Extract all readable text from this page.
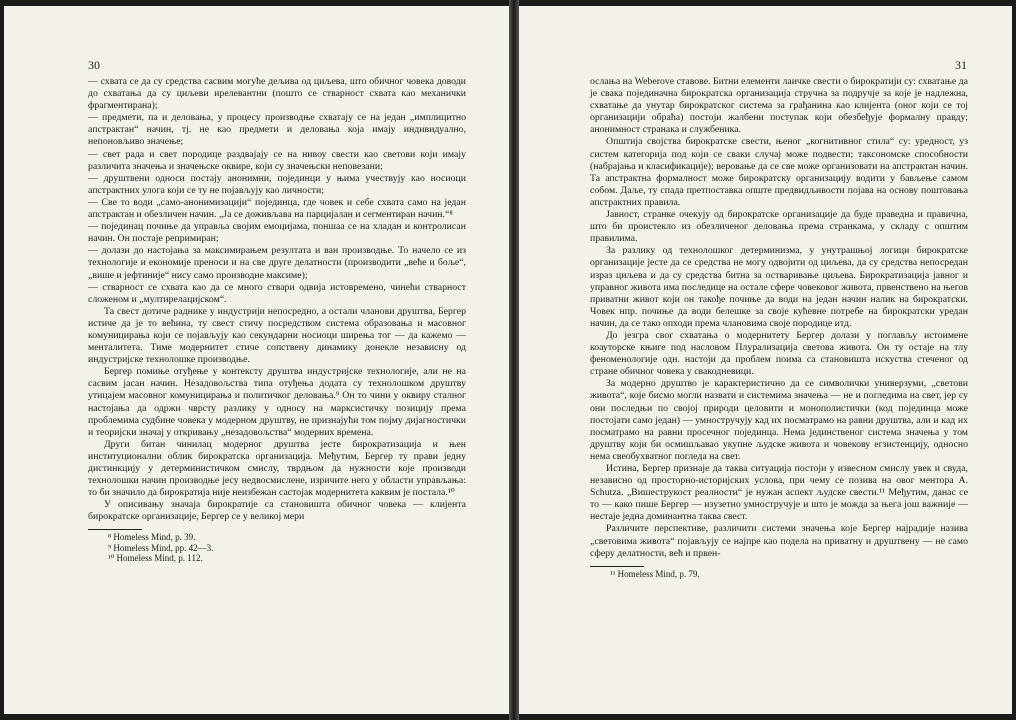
30

— схвата се да су средства сасвим могуће дељива од циљева, што обичног човека доводи до схватања да су циљеви ирелевантни (пошто се стварност схвата као механички фрагментирана);

— предмети, па и деловања, у процесу производње схватају се на један „имплицитно апстрактан“ начин, тј. не као предмети и деловања која имају индивидуално, непоновљиво значење;

— свет рада и свет породице раздвајају се на нивоу свести као светови који имају различита значења и значењске оквире, који су значењски неповезани;

— друштвени односи постају анонимни, појединци у њима учествују као носиоци апстрактних улога који се ту не појављују као личности;

— Све то води „само-анонимизацији“ појединца, где човек и себе схвата само на један апстрактан и обезличен начин. „Ја се доживљава на парцијалан и сегментиран начин.“⁸

— појединац почиње да управља својим емоцијама, поншаа се на хладан и контролисан начин. Он постаје репримиран;

— долази до настојања за максимирањем резултата и ван производње. То начело се из технологије и економије преноси и на све друге делатности (производити „веће и боље“, „више и јефтиније“ нису само производне максиме);

— стварност се схвата као да се много ствари одвија истовремено, чинећи стварност сложеном и „мултирелацијском“.

Та свест дотиче раднике у индустрији непосредно, а остали чланови друштва, Бергер истиче да је то већина, ту свест стичу посредством система образовања и масовног комуницирања који се појављују као секундарни носиоци ширења тог — да кажемо — менталитета. Тиме модернитет стиче сопствену динамику донекле независну од индустријске технолошке производње.

Бергер помиње отуђење у контексту друштва индустријске технологије, али не на сасвим јасан начин. Незадовољства типа отуђења додата су технолошком друштву утицајем масовног комуницирања и политичког деловања.⁹ Он то чини у оквиру сталног настојања да одржи чврсту разлику у односу на марксистичку позицију према проблемима судбине човека у модерном друштву, не признајући том појму дијагностички и теоријски значај у откривању „незадовољства“ модерних времена.

Други битан чинилац модерног друштва јесте бирократизација и њен институционални облик бирократска организација. Међутим, Бергер ту прави једну дистинкцију у детерминистичком смислу, тврдњом да нужности које производи технолошки начин производње јесу недвосмислене, изричите него у области управљања: то би значило да бирократија није неизбежан састојак модернитета каквим је постала.¹⁰

У описивању значаја бирократије са становишта обичног човека — клијента бирократске организације, Бергер се у великој мери

⁸ Homeless Mind, p. 39.

⁹ Homeless Mind, pp. 42—3.

¹⁰ Homeless Mind, p. 112.

31

ослања на Weberove ставове. Битни елементи лаичке свести о бирократији су: схватање да је свака појединачна бирократска организација стручна за подручје за које је надлежна, схватање да унутар бирократског система за грађанина као клијента (оног који се тој организацији обраћа) постоји жалбени поступак који обезбеђује формалну правду; анонимност странака и службеника.

Општија својства бирократске свести, њеног „когнитивног стила“ су: уредност, уз систем категорија под који се сваки случај може подвести; таксономске способности (набрајања и класификације); веровање да се све може организовати на апстрактан начин. Та апстрактна формалност може бирократску организацију водити у бављење самом собом. Даље, ту спада претпоставка опште предвидљивости појава на основу поштовања апстрактних правила.

Јавност, странке очекују од бирократске организације да буде праведна и правична, што би проистекло из обезличеног деловања према странкама, у складу с општим правилима.

За разлику од технолошког детерминизма, у унутрашњој логици бирократске организације јесте да се средства не могу одвојити од циљева, да су средства непосредан израз циљева и да су средства битна за остваривање циљева. Бирократизација јавног и управног живота има последице на остале сфере човековог живота, првенствено на његов приватни живот који он такође почиње да води на један начин налик на бирократски. Човек нпр. почиње да води белешке за своје кућевне потребе на бирократски уредан начин, да се тако опходи према члановима своје породице итд.

До језгра свог схватања о модернитету Бергер долази у поглављу истоимене коауторске књиге под насловом Плурализација световa живота. Он ту остаје на тлу феноменологије одн. настоји да проблем поима са становишта искуства стеченог од стране обичног човека у свакодневици.

За модерно друштво је карактеристично да се символички универзуми, „светови живота“, које бисмо могли назвати и системима значења — не и погледима на свет, јер су они последњи по својој природи целовити и монополистички (код појединца може постојати само један) — умностручују кад их посматрамо на равни друштва, али и кад их посматрамо на равни просечног појединца. Нема јединственог система значења у том друштву који би осмишљавао укупне људске живота и човекову егзистенцију, односно нема свеобухватног погледа на свет.

Истина, Бергер признаје да таква ситуација постоји у извесном смислу увек и свуда, независно од просторно-историјских услова, при чему се позива на овог ментора A. Schutza. „Вишеструкост реалности“ је нужан аспект људске свести.¹¹ Међутим, данас се то — како пише Бергер — изузетно умностручује и што је можда за њега још важније — нестаје једна доминантна таква свест.

Различите перспективе, различити системи значења које Бергер најрадије назива „световима живота“ појављују се најпре као подела на приватну и друштвену — не само сферу делатности, већ и првен-

¹¹ Homeless Mind, p. 79.
